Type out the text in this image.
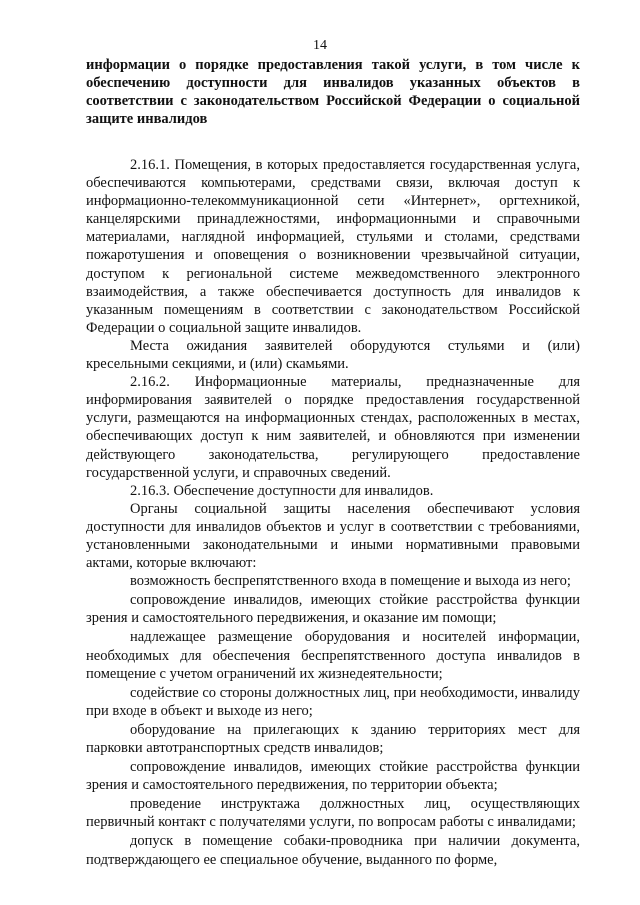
14
информации о порядке предоставления такой услуги, в том числе к обеспечению доступности для инвалидов указанных объектов в соответствии с законодательством Российской Федерации о социальной защите инвалидов

2.16.1. Помещения, в которых предоставляется государственная услуга, обеспечиваются компьютерами, средствами связи, включая доступ к информационно-телекоммуникационной сети «Интернет», оргтехникой, канцелярскими принадлежностями, информационными и справочными материалами, наглядной информацией, стульями и столами, средствами пожаротушения и оповещения о возникновении чрезвычайной ситуации, доступом к региональной системе межведомственного электронного взаимодействия, а также обеспечивается доступность для инвалидов к указанным помещениям в соответствии с законодательством Российской Федерации о социальной защите инвалидов.

Места ожидания заявителей оборудуются стульями и (или) кресельными секциями, и (или) скамьями.

2.16.2. Информационные материалы, предназначенные для информирования заявителей о порядке предоставления государственной услуги, размещаются на информационных стендах, расположенных в местах, обеспечивающих доступ к ним заявителей, и обновляются при изменении действующего законодательства, регулирующего предоставление государственной услуги, и справочных сведений.

2.16.3. Обеспечение доступности для инвалидов.

Органы социальной защиты населения обеспечивают условия доступности для инвалидов объектов и услуг в соответствии с требованиями, установленными законодательными и иными нормативными правовыми актами, которые включают:

возможность беспрепятственного входа в помещение и выхода из него;

сопровождение инвалидов, имеющих стойкие расстройства функции зрения и самостоятельного передвижения, и оказание им помощи;

надлежащее размещение оборудования и носителей информации, необходимых для обеспечения беспрепятственного доступа инвалидов в помещение с учетом ограничений их жизнедеятельности;

содействие со стороны должностных лиц, при необходимости, инвалиду при входе в объект и выходе из него;

оборудование на прилегающих к зданию территориях мест для парковки автотранспортных средств инвалидов;

сопровождение инвалидов, имеющих стойкие расстройства функции зрения и самостоятельного передвижения, по территории объекта;

проведение инструктажа должностных лиц, осуществляющих первичный контакт с получателями услуги, по вопросам работы с инвалидами;

допуск в помещение собаки-проводника при наличии документа, подтверждающего ее специальное обучение, выданного по форме,
